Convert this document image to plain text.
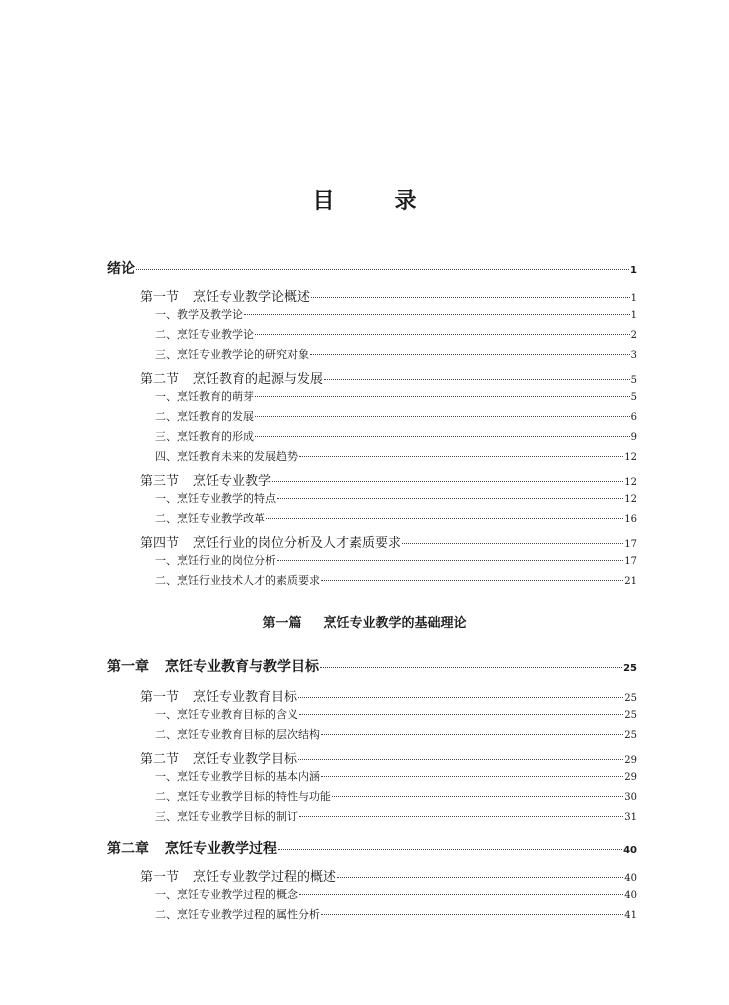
目	录
绪论	1
第一节 烹饪专业教学论概述	1
一、教学及教学论	1
二、烹饪专业教学论	2
三、烹饪专业教学论的研究对象	3
第二节 烹饪教育的起源与发展	5
一、烹饪教育的萌芽	5
二、烹饪教育的发展	6
三、烹饪教育的形成	9
四、烹饪教育未来的发展趋势	12
第三节 烹饪专业教学	12
一、烹饪专业教学的特点	12
二、烹饪专业教学改革	16
第四节 烹饪行业的岗位分析及人才素质要求	17
一、烹饪行业的岗位分析	17
二、烹饪行业技术人才的素质要求	21
第一篇 烹饪专业教学的基础理论
第一章 烹饪专业教育与教学目标	25
第一节 烹饪专业教育目标	25
一、烹饪专业教育目标的含义	25
二、烹饪专业教育目标的层次结构	25
第二节 烹饪专业教学目标	29
一、烹饪专业教学目标的基本内涵	29
二、烹饪专业教学目标的特性与功能	30
三、烹饪专业教学目标的制订	31
第二章 烹饪专业教学过程	40
第一节 烹饪专业教学过程的概述	40
一、烹饪专业教学过程的概念	40
二、烹饪专业教学过程的属性分析	41
